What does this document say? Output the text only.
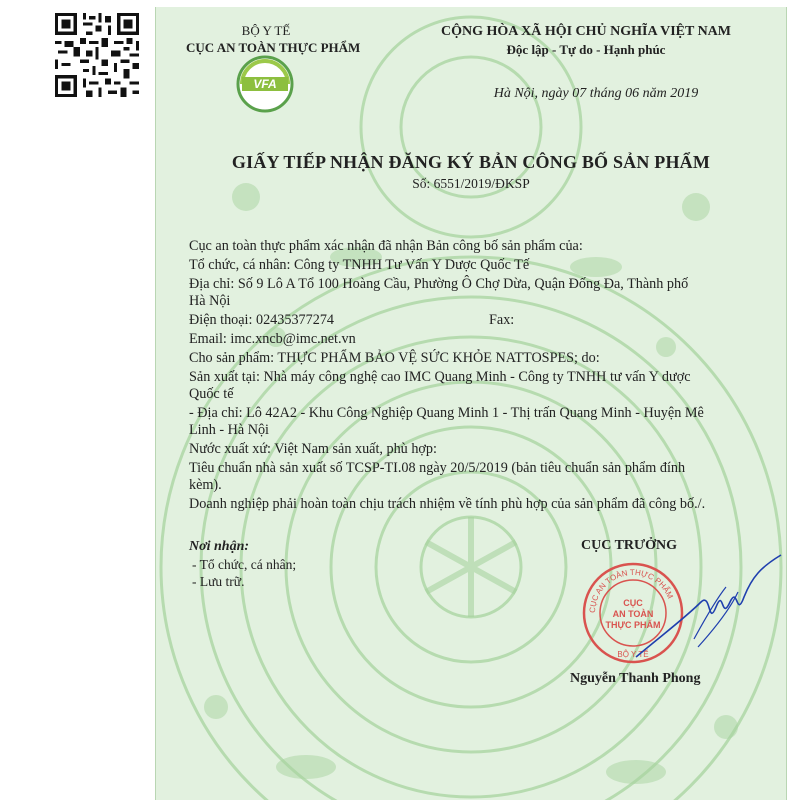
BỘ Y TẾ
CỤC AN TOÀN THỰC PHẨM
VFA
CỘNG HÒA XÃ HỘI CHỦ NGHĨA VIỆT NAM
Độc lập - Tự do - Hạnh phúc
Hà Nội, ngày 07 tháng 06 năm 2019
GIẤY TIẾP NHẬN ĐĂNG KÝ BẢN CÔNG BỐ SẢN PHẨM
Số: 6551/2019/ĐKSP
Cục an toàn thực phẩm xác nhận đã nhận Bản công bố sản phẩm của:
Tổ chức, cá nhân: Công ty TNHH Tư Vấn Y Dược Quốc Tế
Địa chỉ: Số 9 Lô A Tổ 100 Hoàng Cầu, Phường Ô Chợ Dừa, Quận Đống Đa, Thành phố
Hà Nội
Điện thoại: 02435377274	Fax:
Email: imc.xncb@imc.net.vn
Cho sản phẩm: THỰC PHẨM BẢO VỆ SỨC KHỎE NATTOSPES; do:
Sản xuất tại: Nhà máy công nghệ cao IMC Quang Minh - Công ty TNHH tư vấn Y dược
Quốc tế
- Địa chỉ: Lô 42A2 - Khu Công Nghiệp Quang Minh 1 - Thị trấn Quang Minh - Huyện Mê
Linh - Hà Nội
Nước xuất xứ: Việt Nam sản xuất, phù hợp:
Tiêu chuẩn nhà sản xuất số TCSP-TI.08 ngày 20/5/2019 (bản tiêu chuẩn sản phẩm đính
kèm).
Doanh nghiệp phải hoàn toàn chịu trách nhiệm về tính phù hợp của sản phẩm đã công bố./.
Nơi nhận:
- Tổ chức, cá nhân;
- Lưu trữ.
CỤC TRƯỞNG
CỤC AN TOÀN THỰC PHẨM
BỘ Y TẾ
CỤC
AN TOÀN
THỰC PHẨM
Nguyễn Thanh Phong
